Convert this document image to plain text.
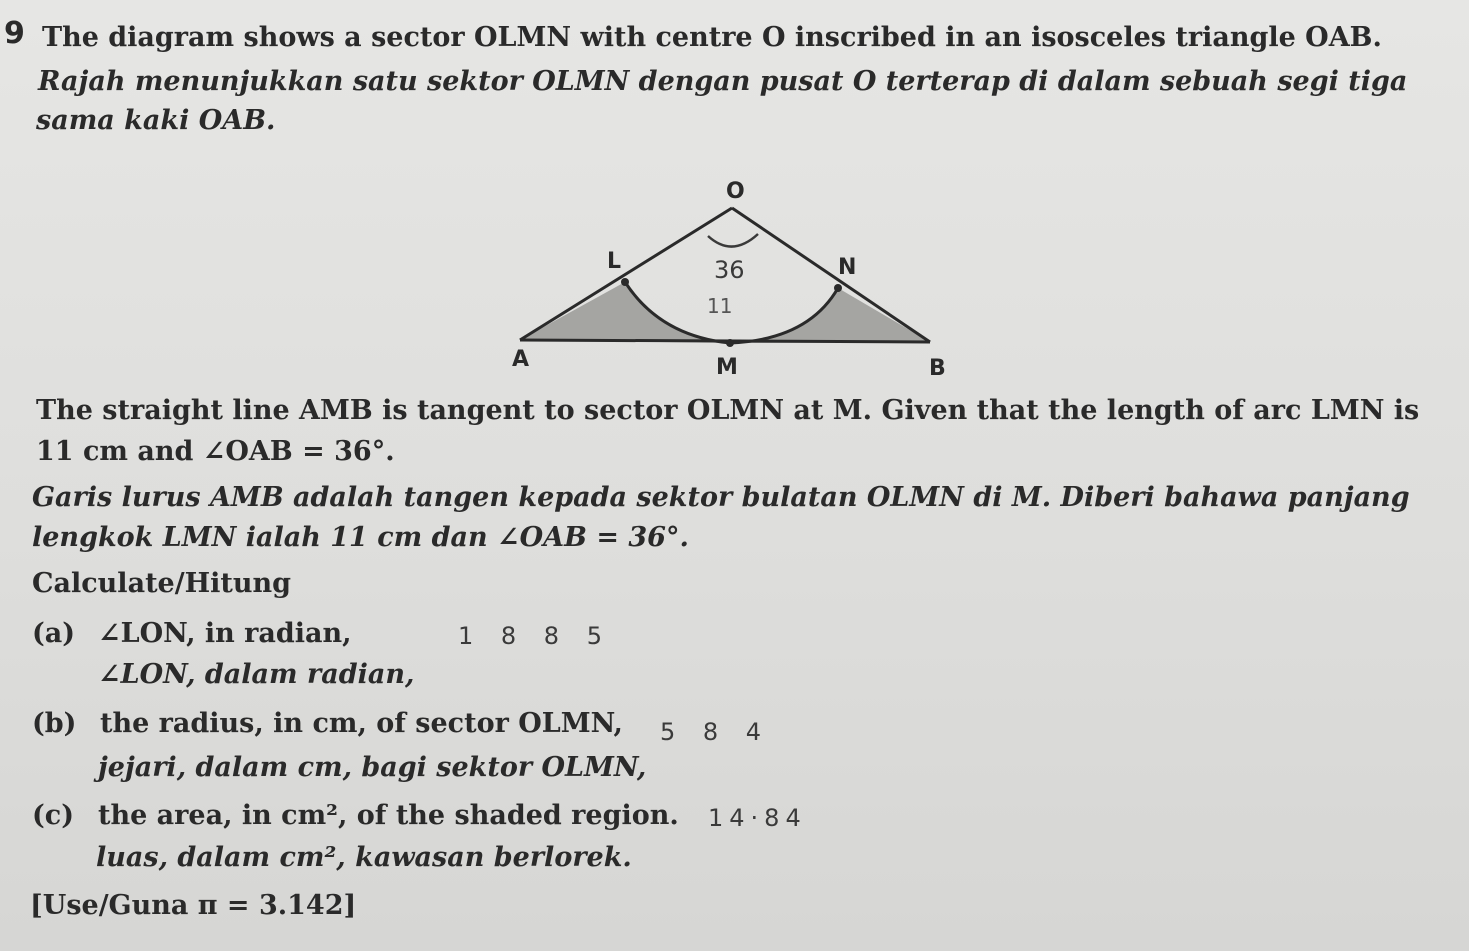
9 The diagram shows a sector OLMN with centre O inscribed in an isosceles triangle OAB.
Rajah menunjukkan satu sektor OLMN dengan pusat O terterap di dalam sebuah segi tiga
sama kaki OAB.
O
L	N
A	M	B
36
11
The straight line AMB is tangent to sector OLMN at M. Given that the length of arc LMN is
11 cm and ∠OAB = 36°.
Garis lurus AMB adalah tangen kepada sektor bulatan OLMN di M. Diberi bahawa panjang
lengkok LMN ialah 11 cm dan ∠OAB = 36°.
Calculate/Hitung
(a) ∠LON, in radian,
∠LON, dalam radian,
1 8 8 5
(b) the radius, in cm, of sector OLMN,
jejari, dalam cm, bagi sektor OLMN,
5 8 4
(c) the area, in cm², of the shaded region.
luas, dalam cm², kawasan berlorek.
14·84
[Use/Guna π = 3.142]
